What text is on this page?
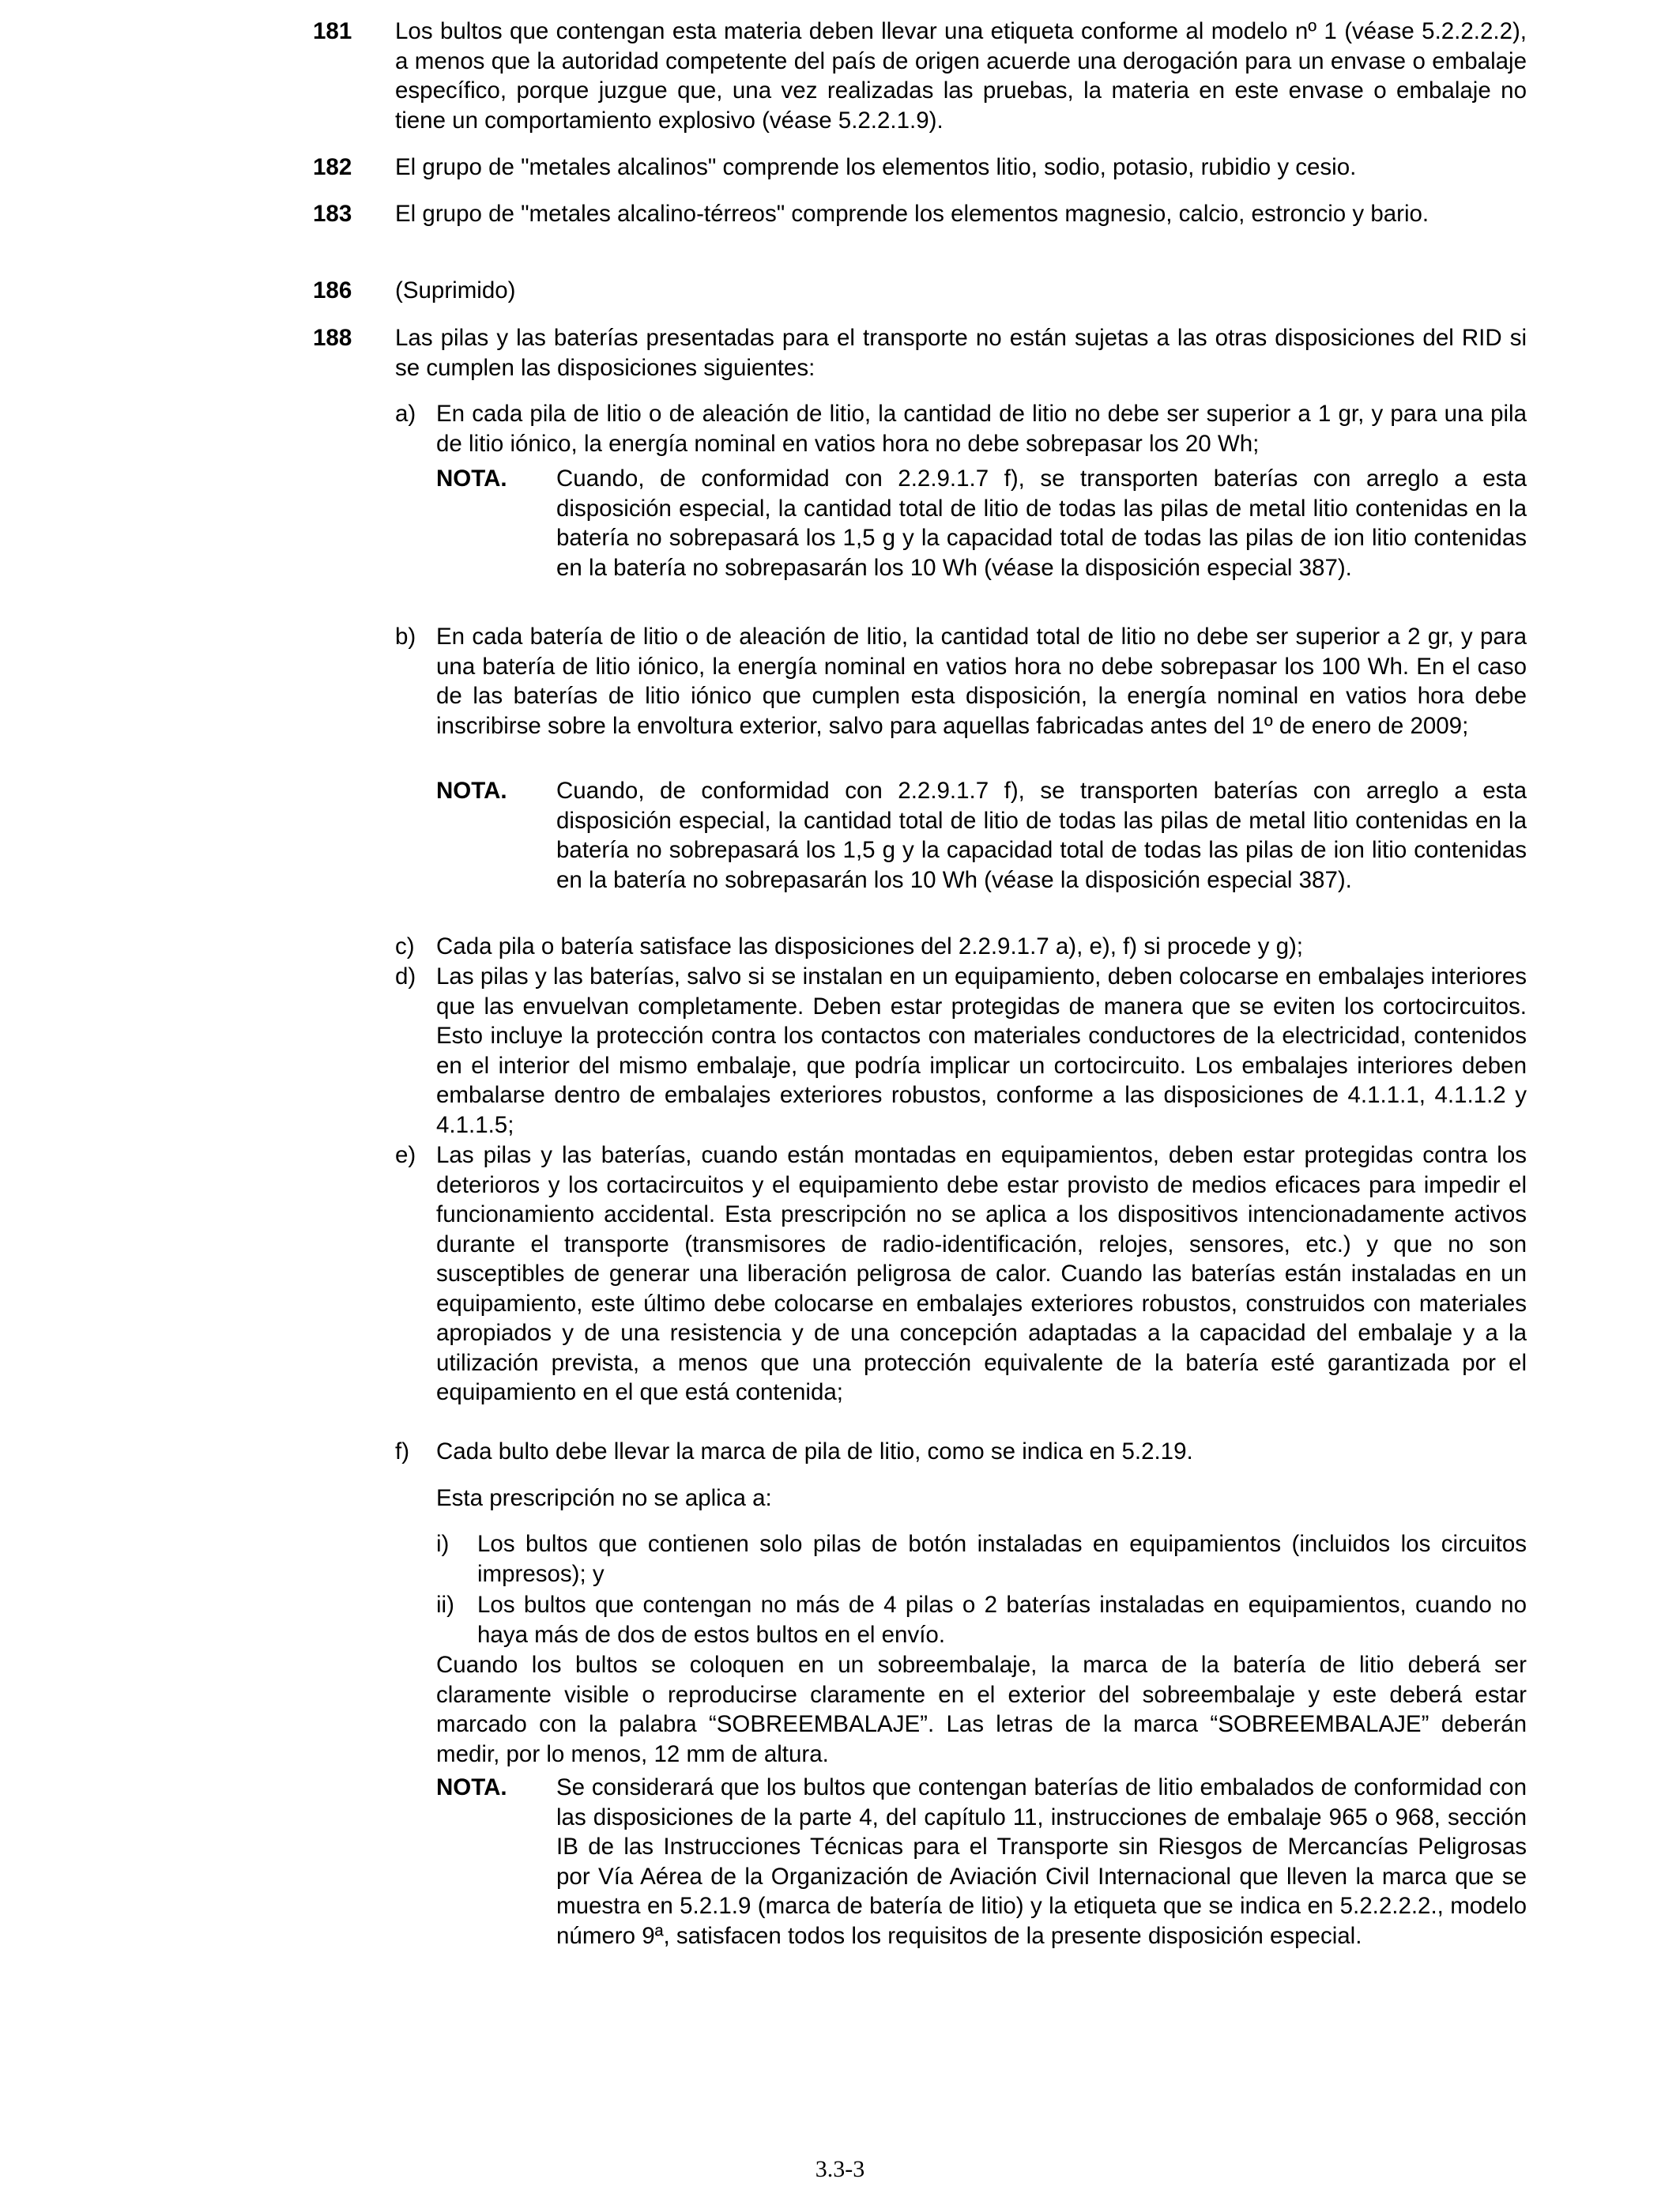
181 Los bultos que contengan esta materia deben llevar una etiqueta conforme al modelo nº 1 (véase 5.2.2.2.2), a menos que la autoridad competente del país de origen acuerde una derogación para un envase o embalaje específico, porque juzgue que, una vez realizadas las pruebas, la materia en este envase o embalaje no tiene un comportamiento explosivo (véase 5.2.2.1.9).
182 El grupo de "metales alcalinos" comprende los elementos litio, sodio, potasio, rubidio y cesio.
183 El grupo de "metales alcalino-térreos" comprende los elementos magnesio, calcio, estroncio y bario.
186 (Suprimido)
188 Las pilas y las baterías presentadas para el transporte no están sujetas a las otras disposiciones del RID si se cumplen las disposiciones siguientes:
a) En cada pila de litio o de aleación de litio, la cantidad de litio no debe ser superior a 1 gr, y para una pila de litio iónico, la energía nominal en vatios hora no debe sobrepasar los 20 Wh;
NOTA. Cuando, de conformidad con 2.2.9.1.7 f), se transporten baterías con arreglo a esta disposición especial, la cantidad total de litio de todas las pilas de metal litio contenidas en la batería no sobrepasará los 1,5 g y la capacidad total de todas las pilas de ion litio contenidas en la batería no sobrepasarán los 10 Wh (véase la disposición especial 387).
b) En cada batería de litio o de aleación de litio, la cantidad total de litio no debe ser superior a 2 gr, y para una batería de litio iónico, la energía nominal en vatios hora no debe sobrepasar los 100 Wh. En el caso de las baterías de litio iónico que cumplen esta disposición, la energía nominal en vatios hora debe inscribirse sobre la envoltura exterior, salvo para aquellas fabricadas antes del 1º de enero de 2009;
NOTA. Cuando, de conformidad con 2.2.9.1.7 f), se transporten baterías con arreglo a esta disposición especial, la cantidad total de litio de todas las pilas de metal litio contenidas en la batería no sobrepasará los 1,5 g y la capacidad total de todas las pilas de ion litio contenidas en la batería no sobrepasarán los 10 Wh (véase la disposición especial 387).
c) Cada pila o batería satisface las disposiciones del 2.2.9.1.7 a), e), f) si procede y g);
d) Las pilas y las baterías, salvo si se instalan en un equipamiento, deben colocarse en embalajes interiores que las envuelvan completamente. Deben estar protegidas de manera que se eviten los cortocircuitos. Esto incluye la protección contra los contactos con materiales conductores de la electricidad, contenidos en el interior del mismo embalaje, que podría implicar un cortocircuito. Los embalajes interiores deben embalarse dentro de embalajes exteriores robustos, conforme a las disposiciones de 4.1.1.1, 4.1.1.2 y 4.1.1.5;
e) Las pilas y las baterías, cuando están montadas en equipamientos, deben estar protegidas contra los deterioros y los cortacircuitos y el equipamiento debe estar provisto de medios eficaces para impedir el funcionamiento accidental. Esta prescripción no se aplica a los dispositivos intencionadamente activos durante el transporte (transmisores de radio-identificación, relojes, sensores, etc.) y que no son susceptibles de generar una liberación peligrosa de calor. Cuando las baterías están instaladas en un equipamiento, este último debe colocarse en embalajes exteriores robustos, construidos con materiales apropiados y de una resistencia y de una concepción adaptadas a la capacidad del embalaje y a la utilización prevista, a menos que una protección equivalente de la batería esté garantizada por el equipamiento en el que está contenida;
f) Cada bulto debe llevar la marca de pila de litio, como se indica en 5.2.19.
Esta prescripción no se aplica a:
i) Los bultos que contienen solo pilas de botón instaladas en equipamientos (incluidos los circuitos impresos); y
ii) Los bultos que contengan no más de 4 pilas o 2 baterías instaladas en equipamientos, cuando no haya más de dos de estos bultos en el envío.
Cuando los bultos se coloquen en un sobreembalaje, la marca de la batería de litio deberá ser claramente visible o reproducirse claramente en el exterior del sobreembalaje y este deberá estar marcado con la palabra “SOBREEMBALAJE”. Las letras de la marca “SOBREEMBALAJE” deberán medir, por lo menos, 12 mm de altura.
NOTA. Se considerará que los bultos que contengan baterías de litio embalados de conformidad con las disposiciones de la parte 4, del capítulo 11, instrucciones de embalaje 965 o 968, sección IB de las Instrucciones Técnicas para el Transporte sin Riesgos de Mercancías Peligrosas por Vía Aérea de la Organización de Aviación Civil Internacional que lleven la marca que se muestra en 5.2.1.9 (marca de batería de litio) y la etiqueta que se indica en 5.2.2.2.2., modelo número 9ª, satisfacen todos los requisitos de la presente disposición especial.
3.3-3
